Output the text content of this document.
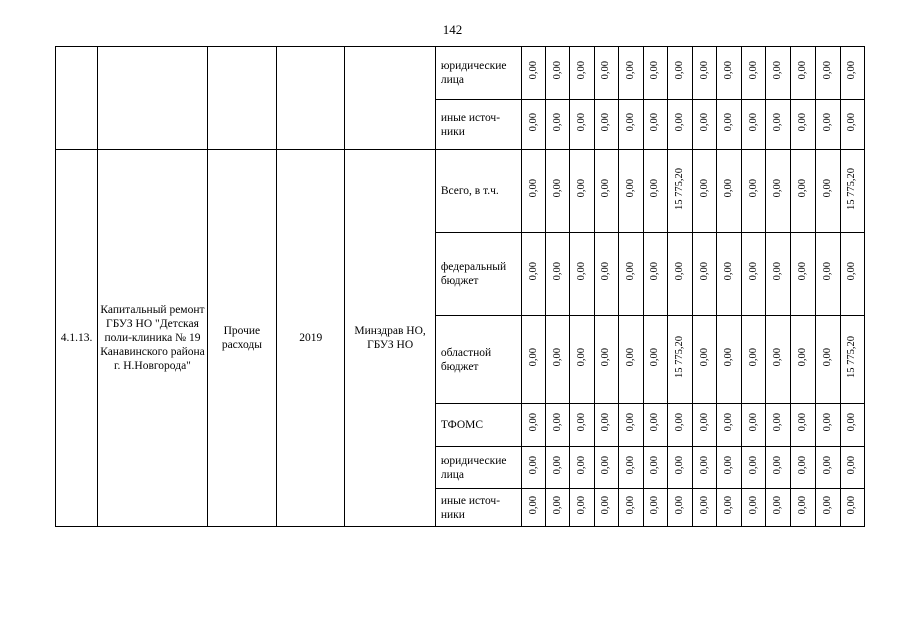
142
					юридические лица	0,00	0,00	0,00	0,00	0,00	0,00	0,00	0,00	0,00	0,00	0,00	0,00	0,00	0,00
					иные источ-ники	0,00	0,00	0,00	0,00	0,00	0,00	0,00	0,00	0,00	0,00	0,00	0,00	0,00	0,00
4.1.13.	Капитальный ремонт ГБУЗ НО "Детская поли-клиника № 19 Канавинского района г. Н.Новгорода"	Прочие расходы	2019	Минздрав НО, ГБУЗ НО	Всего, в т.ч.	0,00	0,00	0,00	0,00	0,00	0,00	15 775,20	0,00	0,00	0,00	0,00	0,00	0,00	15 775,20
					федеральный бюджет	0,00	0,00	0,00	0,00	0,00	0,00	0,00	0,00	0,00	0,00	0,00	0,00	0,00	0,00
					областной бюджет	0,00	0,00	0,00	0,00	0,00	0,00	15 775,20	0,00	0,00	0,00	0,00	0,00	0,00	15 775,20
					ТФОМС	0,00	0,00	0,00	0,00	0,00	0,00	0,00	0,00	0,00	0,00	0,00	0,00	0,00	0,00
					юридические лица	0,00	0,00	0,00	0,00	0,00	0,00	0,00	0,00	0,00	0,00	0,00	0,00	0,00	0,00
					иные источ-ники	0,00	0,00	0,00	0,00	0,00	0,00	0,00	0,00	0,00	0,00	0,00	0,00	0,00	0,00
